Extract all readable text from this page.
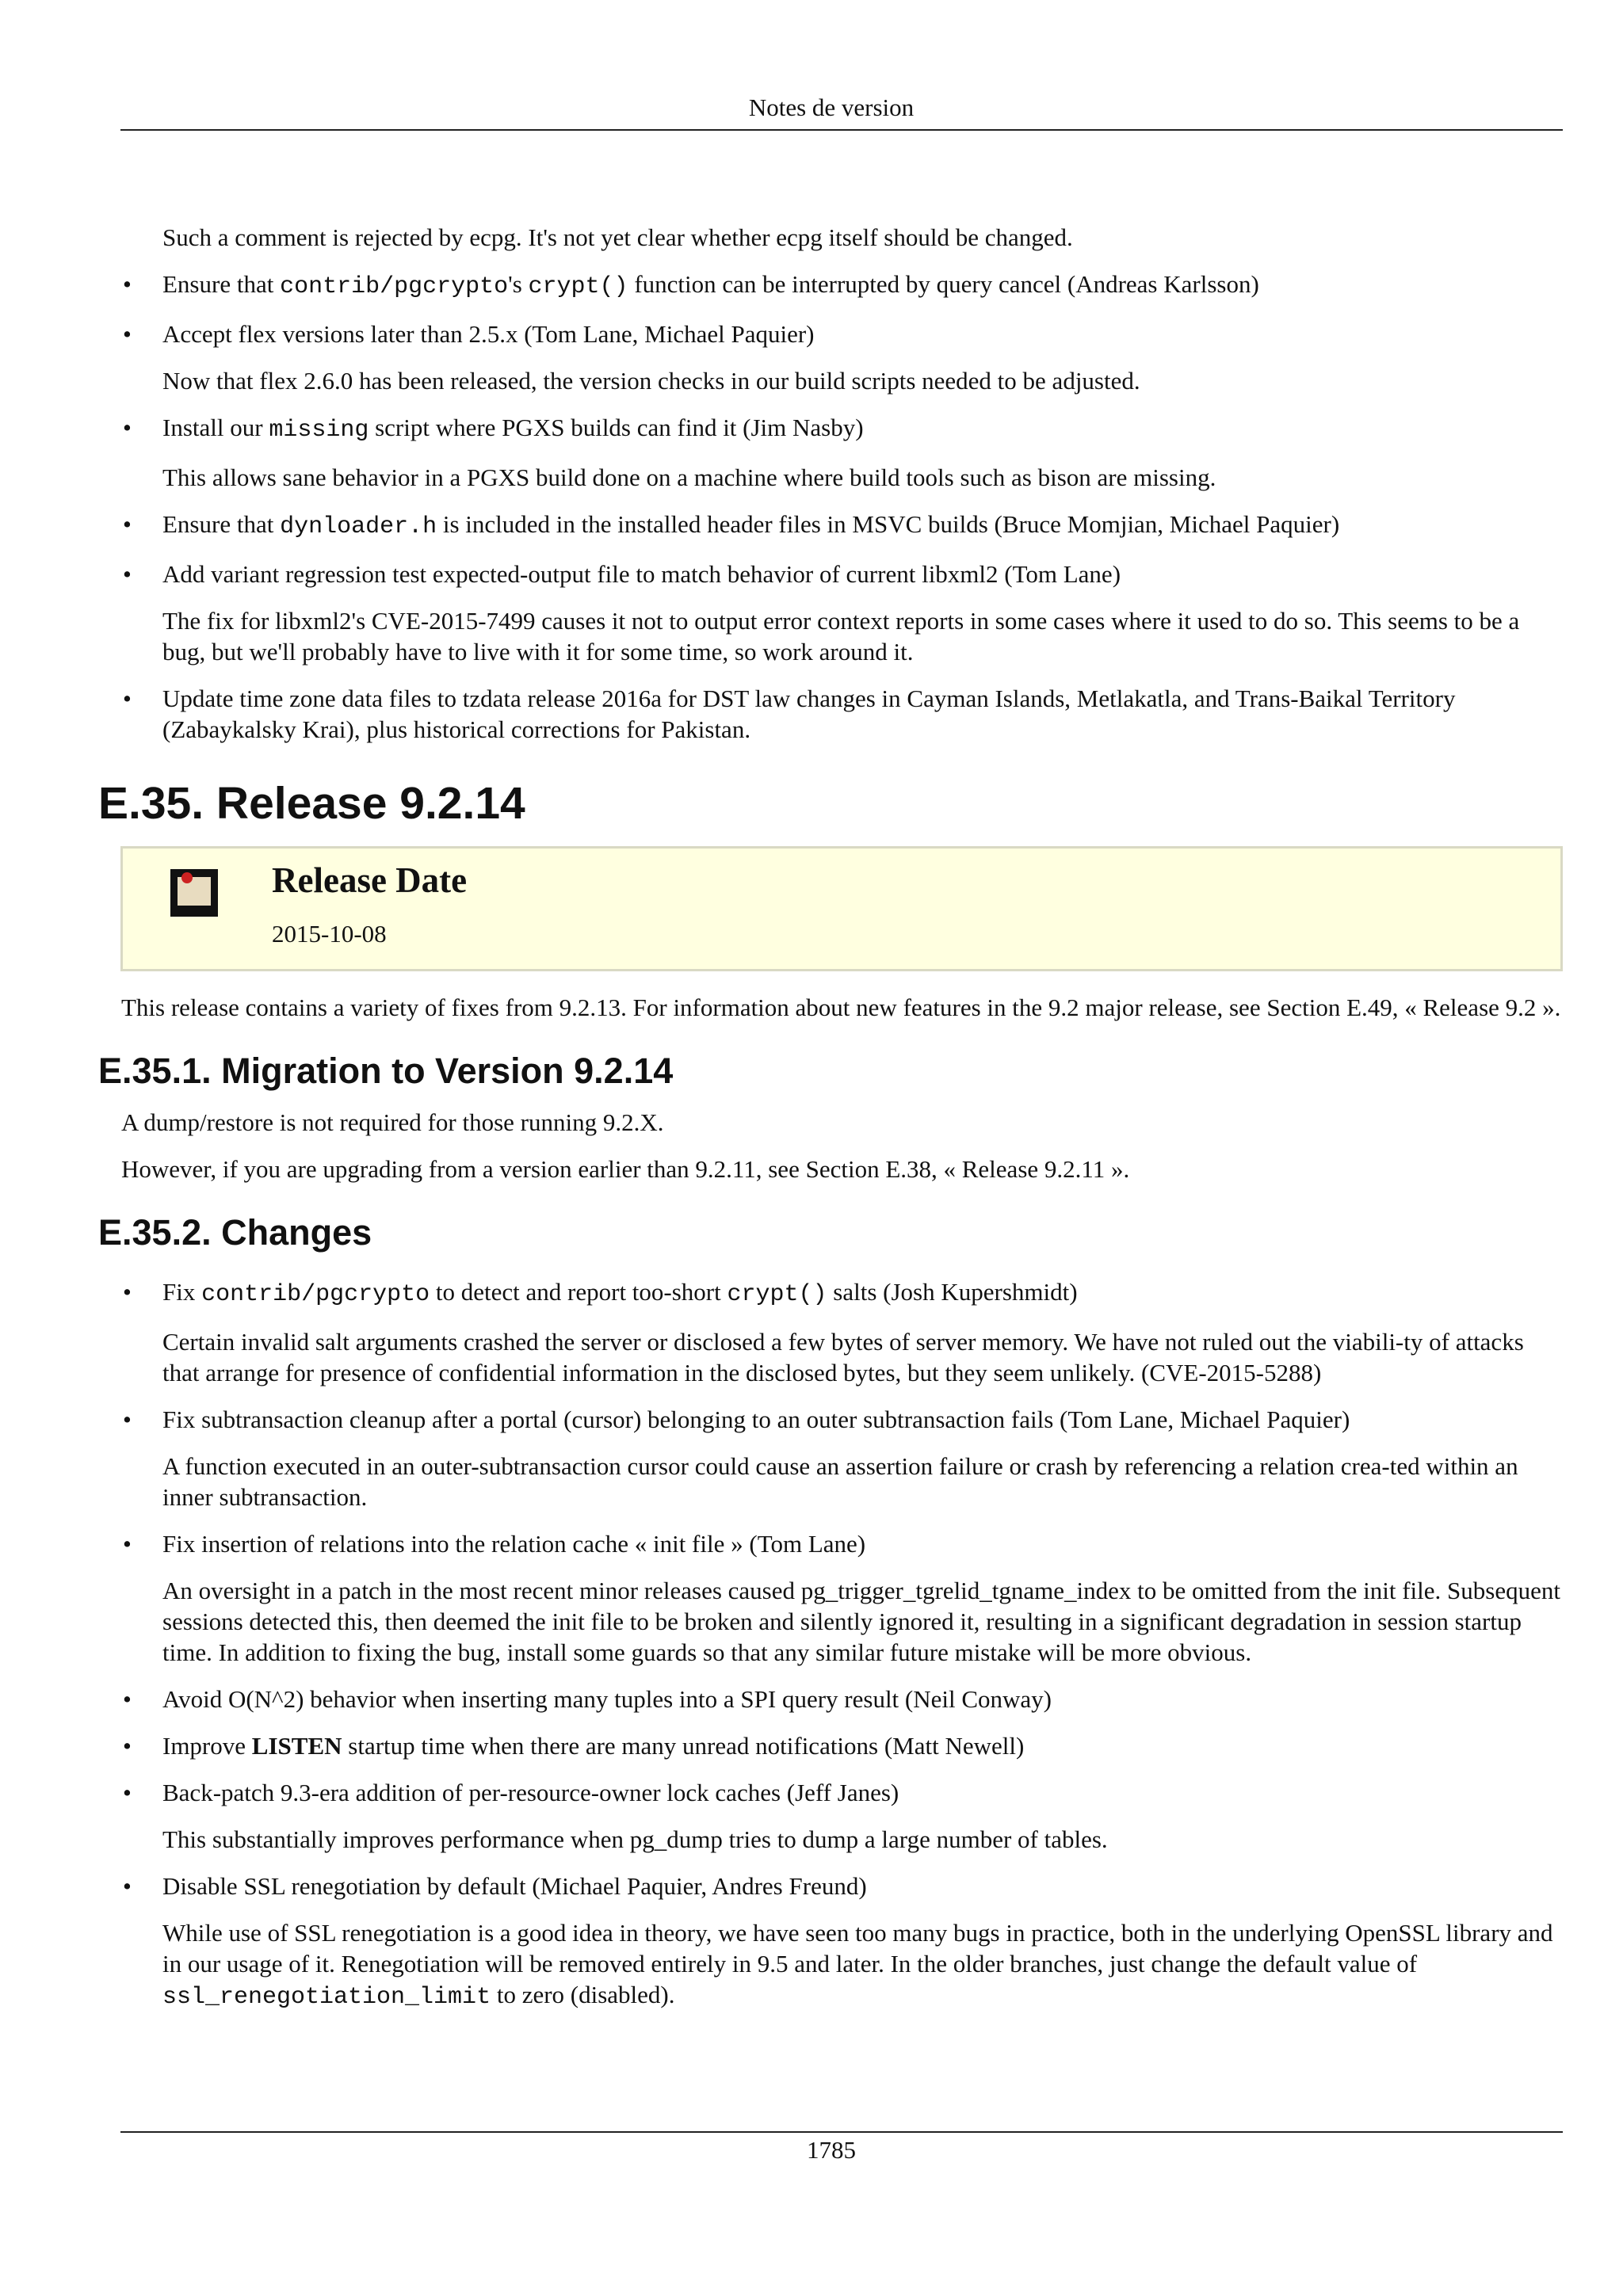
Notes de version

Such a comment is rejected by ecpg. It's not yet clear whether ecpg itself should be changed.

• Ensure that contrib/pgcrypto's crypt() function can be interrupted by query cancel (Andreas Karlsson)

• Accept flex versions later than 2.5.x (Tom Lane, Michael Paquier)

Now that flex 2.6.0 has been released, the version checks in our build scripts needed to be adjusted.

• Install our missing script where PGXS builds can find it (Jim Nasby)

This allows sane behavior in a PGXS build done on a machine where build tools such as bison are missing.

• Ensure that dynloader.h is included in the installed header files in MSVC builds (Bruce Momjian, Michael Paquier)

• Add variant regression test expected-output file to match behavior of current libxml2 (Tom Lane)

The fix for libxml2's CVE-2015-7499 causes it not to output error context reports in some cases where it used to do so. This seems to be a bug, but we'll probably have to live with it for some time, so work around it.

• Update time zone data files to tzdata release 2016a for DST law changes in Cayman Islands, Metlakatla, and Trans-Baikal Territory (Zabaykalsky Krai), plus historical corrections for Pakistan.

E.35. Release 9.2.14
Release Date
2015-10-08

This release contains a variety of fixes from 9.2.13. For information about new features in the 9.2 major release, see Section E.49, « Release 9.2 ».

E.35.1. Migration to Version 9.2.14

A dump/restore is not required for those running 9.2.X.

However, if you are upgrading from a version earlier than 9.2.11, see Section E.38, « Release 9.2.11 ».

E.35.2. Changes
• Fix contrib/pgcrypto to detect and report too-short crypt() salts (Josh Kupershmidt)

Certain invalid salt arguments crashed the server or disclosed a few bytes of server memory. We have not ruled out the viabili-ty of attacks that arrange for presence of confidential information in the disclosed bytes, but they seem unlikely. (CVE-2015-5288)

• Fix subtransaction cleanup after a portal (cursor) belonging to an outer subtransaction fails (Tom Lane, Michael Paquier)

A function executed in an outer-subtransaction cursor could cause an assertion failure or crash by referencing a relation crea-ted within an inner subtransaction.

• Fix insertion of relations into the relation cache « init file » (Tom Lane)

An oversight in a patch in the most recent minor releases caused pg_trigger_tgrelid_tgname_index to be omitted from the init file. Subsequent sessions detected this, then deemed the init file to be broken and silently ignored it, resulting in a significant degradation in session startup time. In addition to fixing the bug, install some guards so that any similar future mistake will be more obvious.

• Avoid O(N^2) behavior when inserting many tuples into a SPI query result (Neil Conway)

• Improve LISTEN startup time when there are many unread notifications (Matt Newell)

• Back-patch 9.3-era addition of per-resource-owner lock caches (Jeff Janes)

This substantially improves performance when pg_dump tries to dump a large number of tables.

• Disable SSL renegotiation by default (Michael Paquier, Andres Freund)

While use of SSL renegotiation is a good idea in theory, we have seen too many bugs in practice, both in the underlying OpenSSL library and in our usage of it. Renegotiation will be removed entirely in 9.5 and later. In the older branches, just change the default value of ssl_renegotiation_limit to zero (disabled).

1785
